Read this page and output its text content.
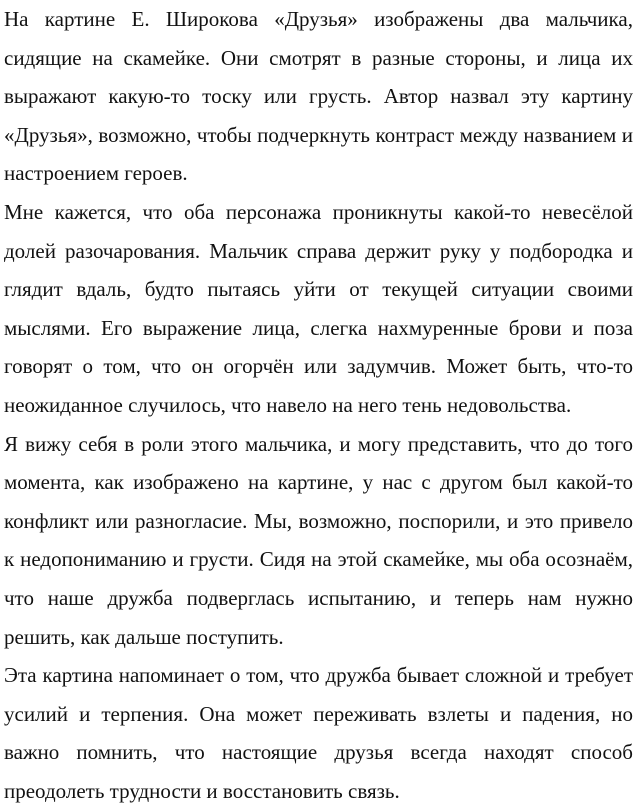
На картине Е. Широкова «Друзья» изображены два мальчика, сидящие на скамейке. Они смотрят в разные стороны, и лица их выражают какую-то тоску или грусть. Автор назвал эту картину «Друзья», возможно, чтобы подчеркнуть контраст между названием и настроением героев.

Мне кажется, что оба персонажа проникнуты какой-то невесёлой долей разочарования. Мальчик справа держит руку у подбородка и глядит вдаль, будто пытаясь уйти от текущей ситуации своими мыслями. Его выражение лица, слегка нахмуренные брови и поза говорят о том, что он огорчён или задумчив. Может быть, что-то неожиданное случилось, что навело на него тень недовольства.

Я вижу себя в роли этого мальчика, и могу представить, что до того момента, как изображено на картине, у нас с другом был какой-то конфликт или разногласие. Мы, возможно, поспорили, и это привело к недопониманию и грусти. Сидя на этой скамейке, мы оба осознаём, что наше дружба подверглась испытанию, и теперь нам нужно решить, как дальше поступить.

Эта картина напоминает о том, что дружба бывает сложной и требует усилий и терпения. Она может переживать взлеты и падения, но важно помнить, что настоящие друзья всегда находят способ преодолеть трудности и восстановить связь.
